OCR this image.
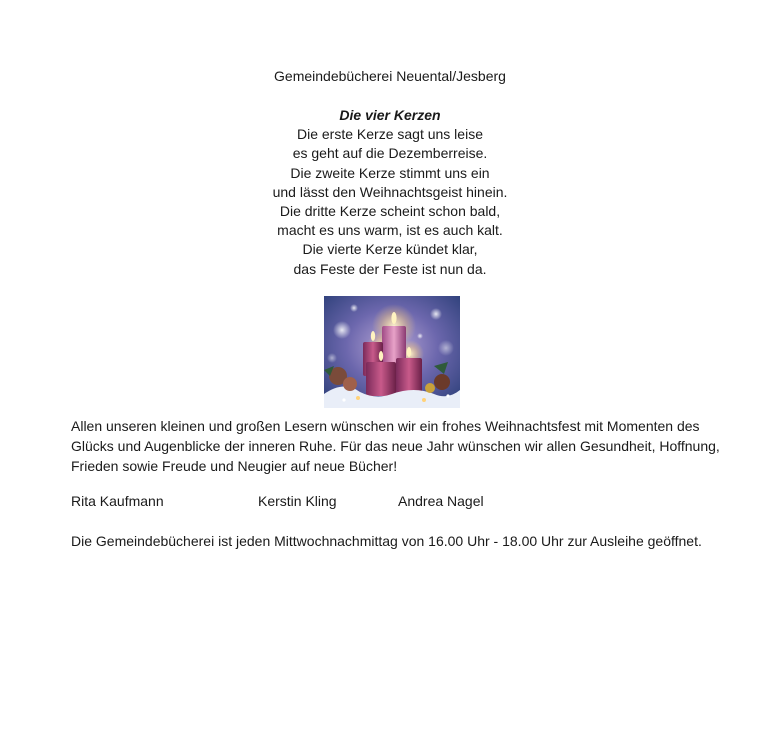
Gemeindebücherei Neuental/Jesberg
Die vier Kerzen
Die erste Kerze sagt uns leise
es geht auf die Dezemberreise.
Die zweite Kerze stimmt uns ein
und lässt den Weihnachtsgeist hinein.
Die dritte Kerze scheint schon bald,
macht es uns warm, ist es auch kalt.
Die vierte Kerze kündet klar,
das Feste der Feste ist nun da.
Allen unseren kleinen und großen Lesern wünschen wir ein frohes Weihnachtsfest mit Momenten des Glücks und Augenblicke der inneren Ruhe. Für das neue Jahr wünschen wir allen Gesundheit, Hoffnung, Frieden sowie Freude und Neugier auf neue Bücher!
Rita Kaufmann	Kerstin Kling	Andrea Nagel
Die Gemeindebücherei ist jeden Mittwochnachmittag von 16.00 Uhr - 18.00 Uhr zur Ausleihe geöffnet.
